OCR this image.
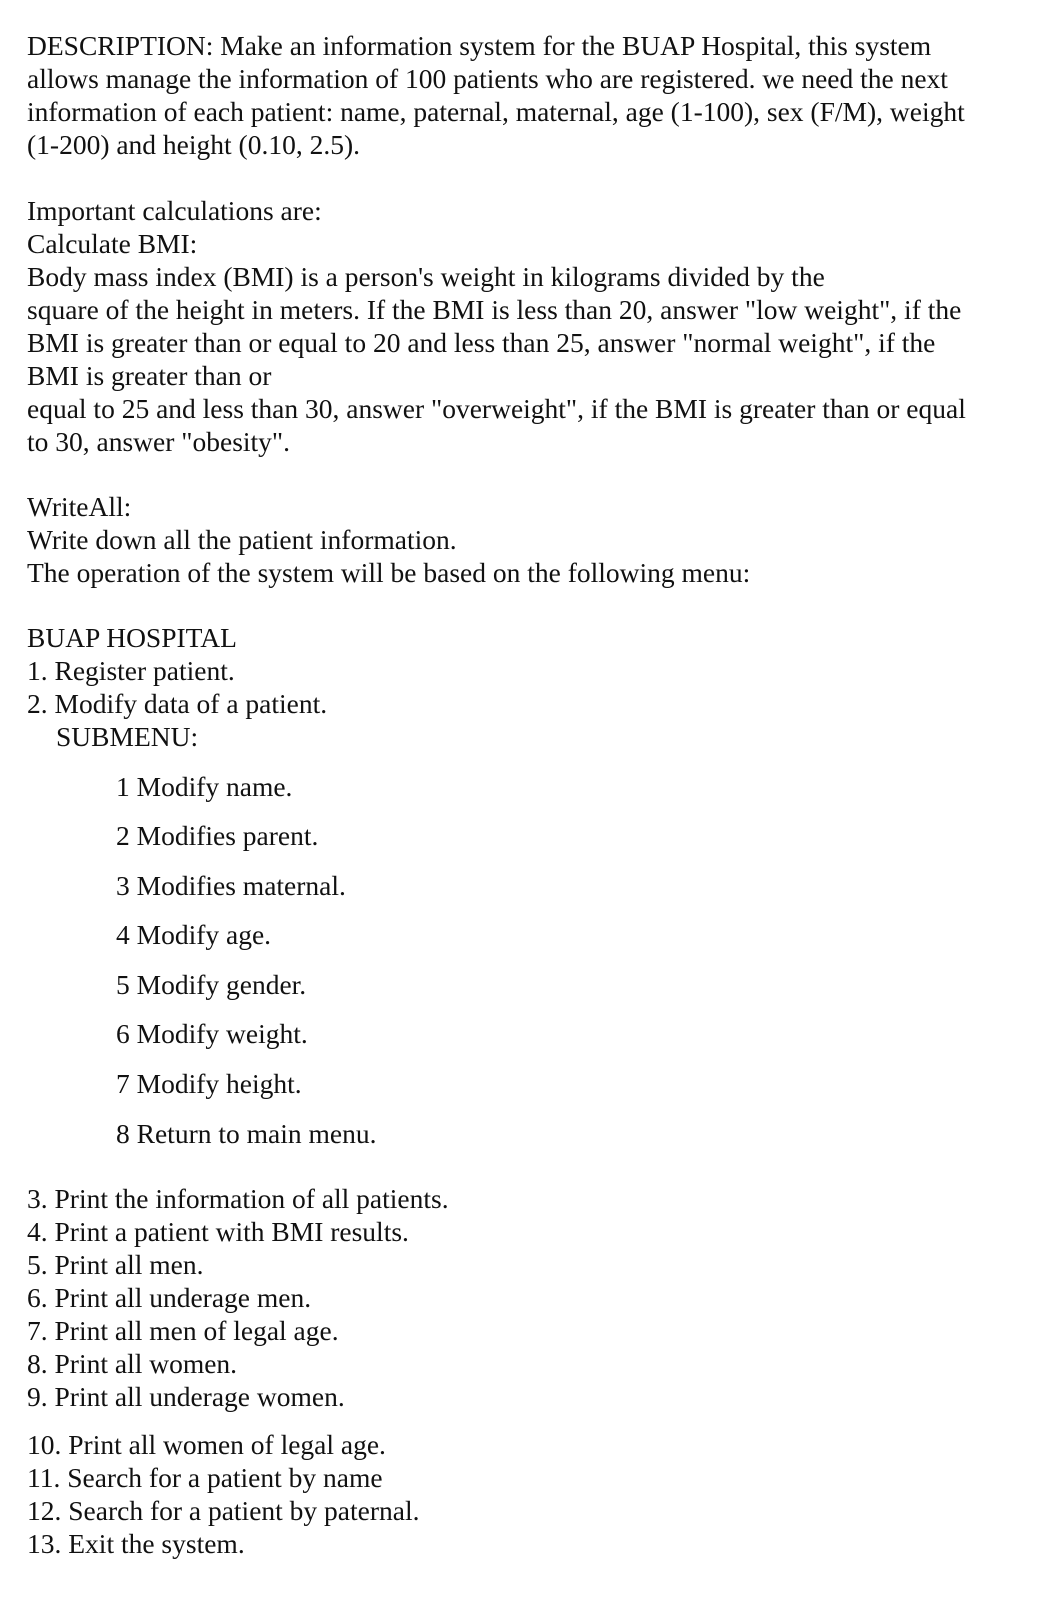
DESCRIPTION: Make an information system for the BUAP Hospital, this system
allows manage the information of 100 patients who are registered. we need the next
information of each patient: name, paternal, maternal, age (1-100), sex (F/M), weight
(1-200) and height (0.10, 2.5).
Important calculations are:
Calculate BMI:
Body mass index (BMI) is a person's weight in kilograms divided by the
square of the height in meters. If the BMI is less than 20, answer "low weight", if the
BMI is greater than or equal to 20 and less than 25, answer "normal weight", if the
BMI is greater than or
equal to 25 and less than 30, answer "overweight", if the BMI is greater than or equal
to 30, answer "obesity".
WriteAll:
Write down all the patient information.
The operation of the system will be based on the following menu:
BUAP HOSPITAL
1. Register patient.
2. Modify data of a patient.
SUBMENU:
1 Modify name.
2 Modifies parent.
3 Modifies maternal.
4 Modify age.
5 Modify gender.
6 Modify weight.
7 Modify height.
8 Return to main menu.
3. Print the information of all patients.
4. Print a patient with BMI results.
5. Print all men.
6. Print all underage men.
7. Print all men of legal age.
8. Print all women.
9. Print all underage women.
10. Print all women of legal age.
11. Search for a patient by name
12. Search for a patient by paternal.
13. Exit the system.
